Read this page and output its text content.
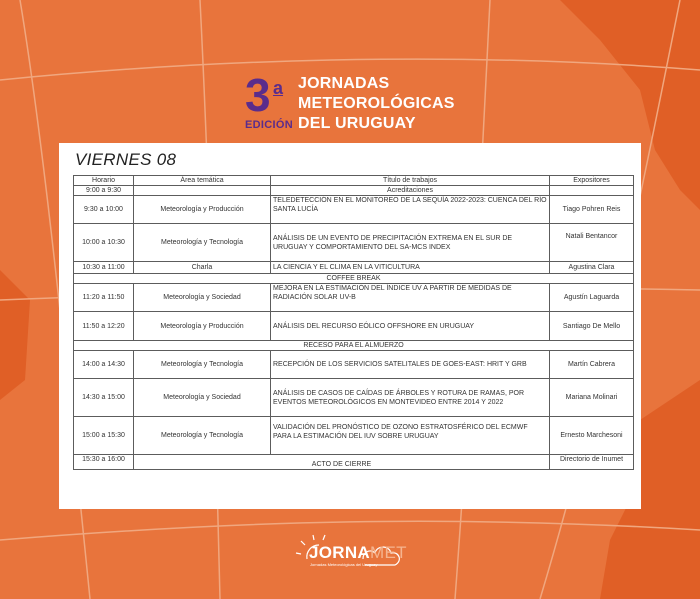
3 a
EDICIÓN
JORNADAS
METEOROLÓGICAS
DEL URUGUAY
VIERNES 08
Horario	Área temática	Título de trabajos	Expositores
9:00 a 9:30		Acreditaciones	
9:30 a 10:00	Meteorología y Producción	TELEDETECCIÓN EN EL MONITOREO DE LA SEQUÍA 2022-2023: CUENCA DEL RÍO SANTA LUCÍA	Tiago Pohren Reis
10:00 a 10:30	Meteorología y Tecnología	ANÁLISIS DE UN EVENTO DE PRECIPITACIÓN EXTREMA EN EL SUR DE URUGUAY Y COMPORTAMIENTO DEL SA-MCS INDEX	Natali Bentancor
10:30 a 11:00	Charla	LA CIENCIA Y EL CLIMA EN LA VITICULTURA	Agustina Clara
COFFEE BREAK			
11:20 a 11:50	Meteorología y Sociedad	MEJORA EN LA ESTIMACIÓN DEL ÍNDICE UV A PARTIR DE MEDIDAS DE RADIACIÓN SOLAR UV-B	Agustín Laguarda
11:50 a 12:20	Meteorología y Producción	ANÁLISIS DEL RECURSO EÓLICO OFFSHORE EN URUGUAY	Santiago De Mello
RECESO PARA EL ALMUERZO			
14:00 a 14:30	Meteorología y Tecnología	RECEPCIÓN DE LOS SERVICIOS SATELITALES DE GOES-EAST: HRIT Y GRB	Martín Cabrera
14:30 a 15:00	Meteorología y Sociedad	ANÁLISIS DE CASOS DE CAÍDAS DE ÁRBOLES Y ROTURA DE RAMAS, POR EVENTOS METEOROLÓGICOS EN MONTEVIDEO ENTRE 2014 Y 2022	Mariana Molinari
15:00 a 15:30	Meteorología y Tecnología	VALIDACIÓN DEL PRONÓSTICO DE OZONO ESTRATOSFÉRICO DEL ECMWF PARA LA ESTIMACIÓN DEL IUV SOBRE URUGUAY	Ernesto Marchesoni
15:30 a 16:00	ACTO DE CIERRE		Directorio de Inumet
JORNAMET
Jornadas Meteorológicas del Uruguay
